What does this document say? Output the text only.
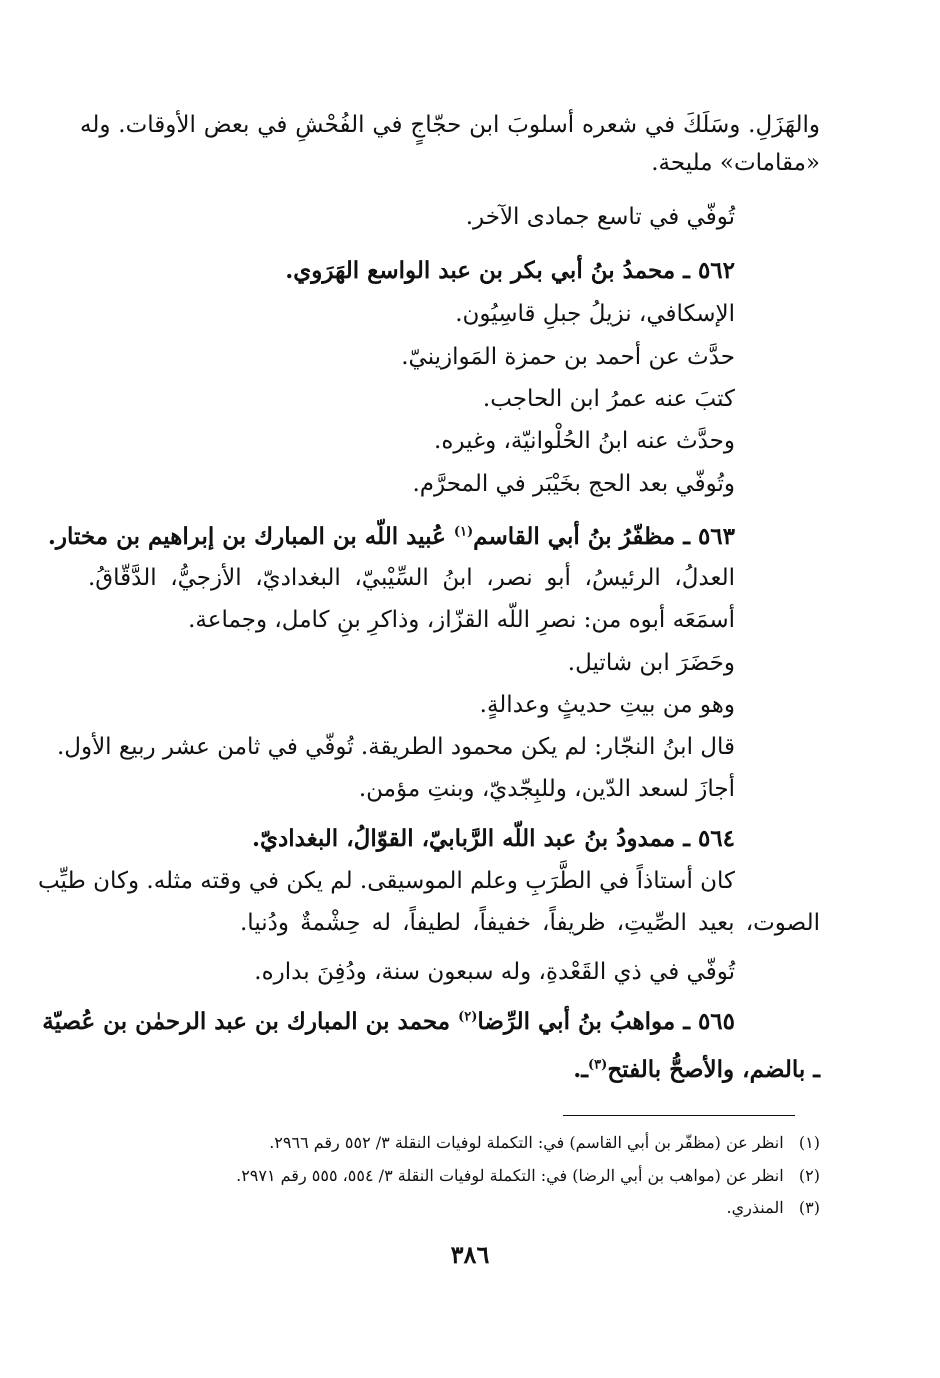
والهَزَلِ. وسَلَكَ في شعره أسلوبَ ابن حجّاجٍ في الفُحْشِ في بعض الأوقات. وله
«مقامات» مليحة.
تُوفّي في تاسع جمادى الآخر.
٥٦٢ ـ محمدُ بنُ أبي بكر بن عبد الواسع الهَرَوي.
الإسكافي، نزيلُ جبلِ قاسِيُون.
حدَّث عن أحمد بن حمزة المَوازينيّ.
كتبَ عنه عمرُ ابن الحاجب.
وحدَّث عنه ابنُ الحُلْوانيّة، وغيره.
وتُوفّي بعد الحج بخَيْبَر في المحرَّم.
٥٦٣ ـ مظفّرُ بنُ أبي القاسم$^{(١)}$ عُبيد اللّه بن المبارك بن إبراهيم بن مختار.
العدلُ، الرئيسُ، أبو نصر، ابنُ السِّيْبيّ، البغداديّ، الأزجيُّ، الدَّقّاقُ.
أسمَعَه أبوه من: نصرِ اللّه القزّاز، وذاكرِ بنِ كامل، وجماعة.
وحَضَرَ ابن شاتيل.
وهو من بيتِ حديثٍ وعدالةٍ.
قال ابنُ النجّار: لم يكن محمود الطريقة. تُوفّي في ثامن عشر ربيع الأول.
أجازَ لسعد الدّين، وللبِجّديّ، وبنتِ مؤمن.
٥٦٤ ـ ممدودُ بنُ عبد اللّه الرَّبابيّ، القوّالُ، البغداديّ.
كان أستاذاً في الطَّرَبِ وعلم الموسيقى. لم يكن في وقته مثله. وكان طيِّب
الصوت، بعيد الصِّيتِ، ظريفاً، خفيفاً، لطيفاً، له حِشْمةٌ ودُنيا.
تُوفّي في ذي القَعْدةِ، وله سبعون سنة، ودُفِنَ بداره.
٥٦٥ ـ مواهبُ بنُ أبي الرِّضا$^{(٢)}$ محمد بن المبارك بن عبد الرحمٰن بن عُصيّة
ـ بالضم، والأصحُّ بالفتح$^{(٣)}$ـ.
(١)   انظر عن (مظفّر بن أبي القاسم) في: التكملة لوفيات النقلة ٣/ ٥٥٢ رقم ٢٩٦٦.
(٢)   انظر عن (مواهب بن أبي الرضا) في: التكملة لوفيات النقلة ٣/ ٥٥٤، ٥٥٥ رقم ٢٩٧١.
(٣)   المنذري.
٣٨٦
